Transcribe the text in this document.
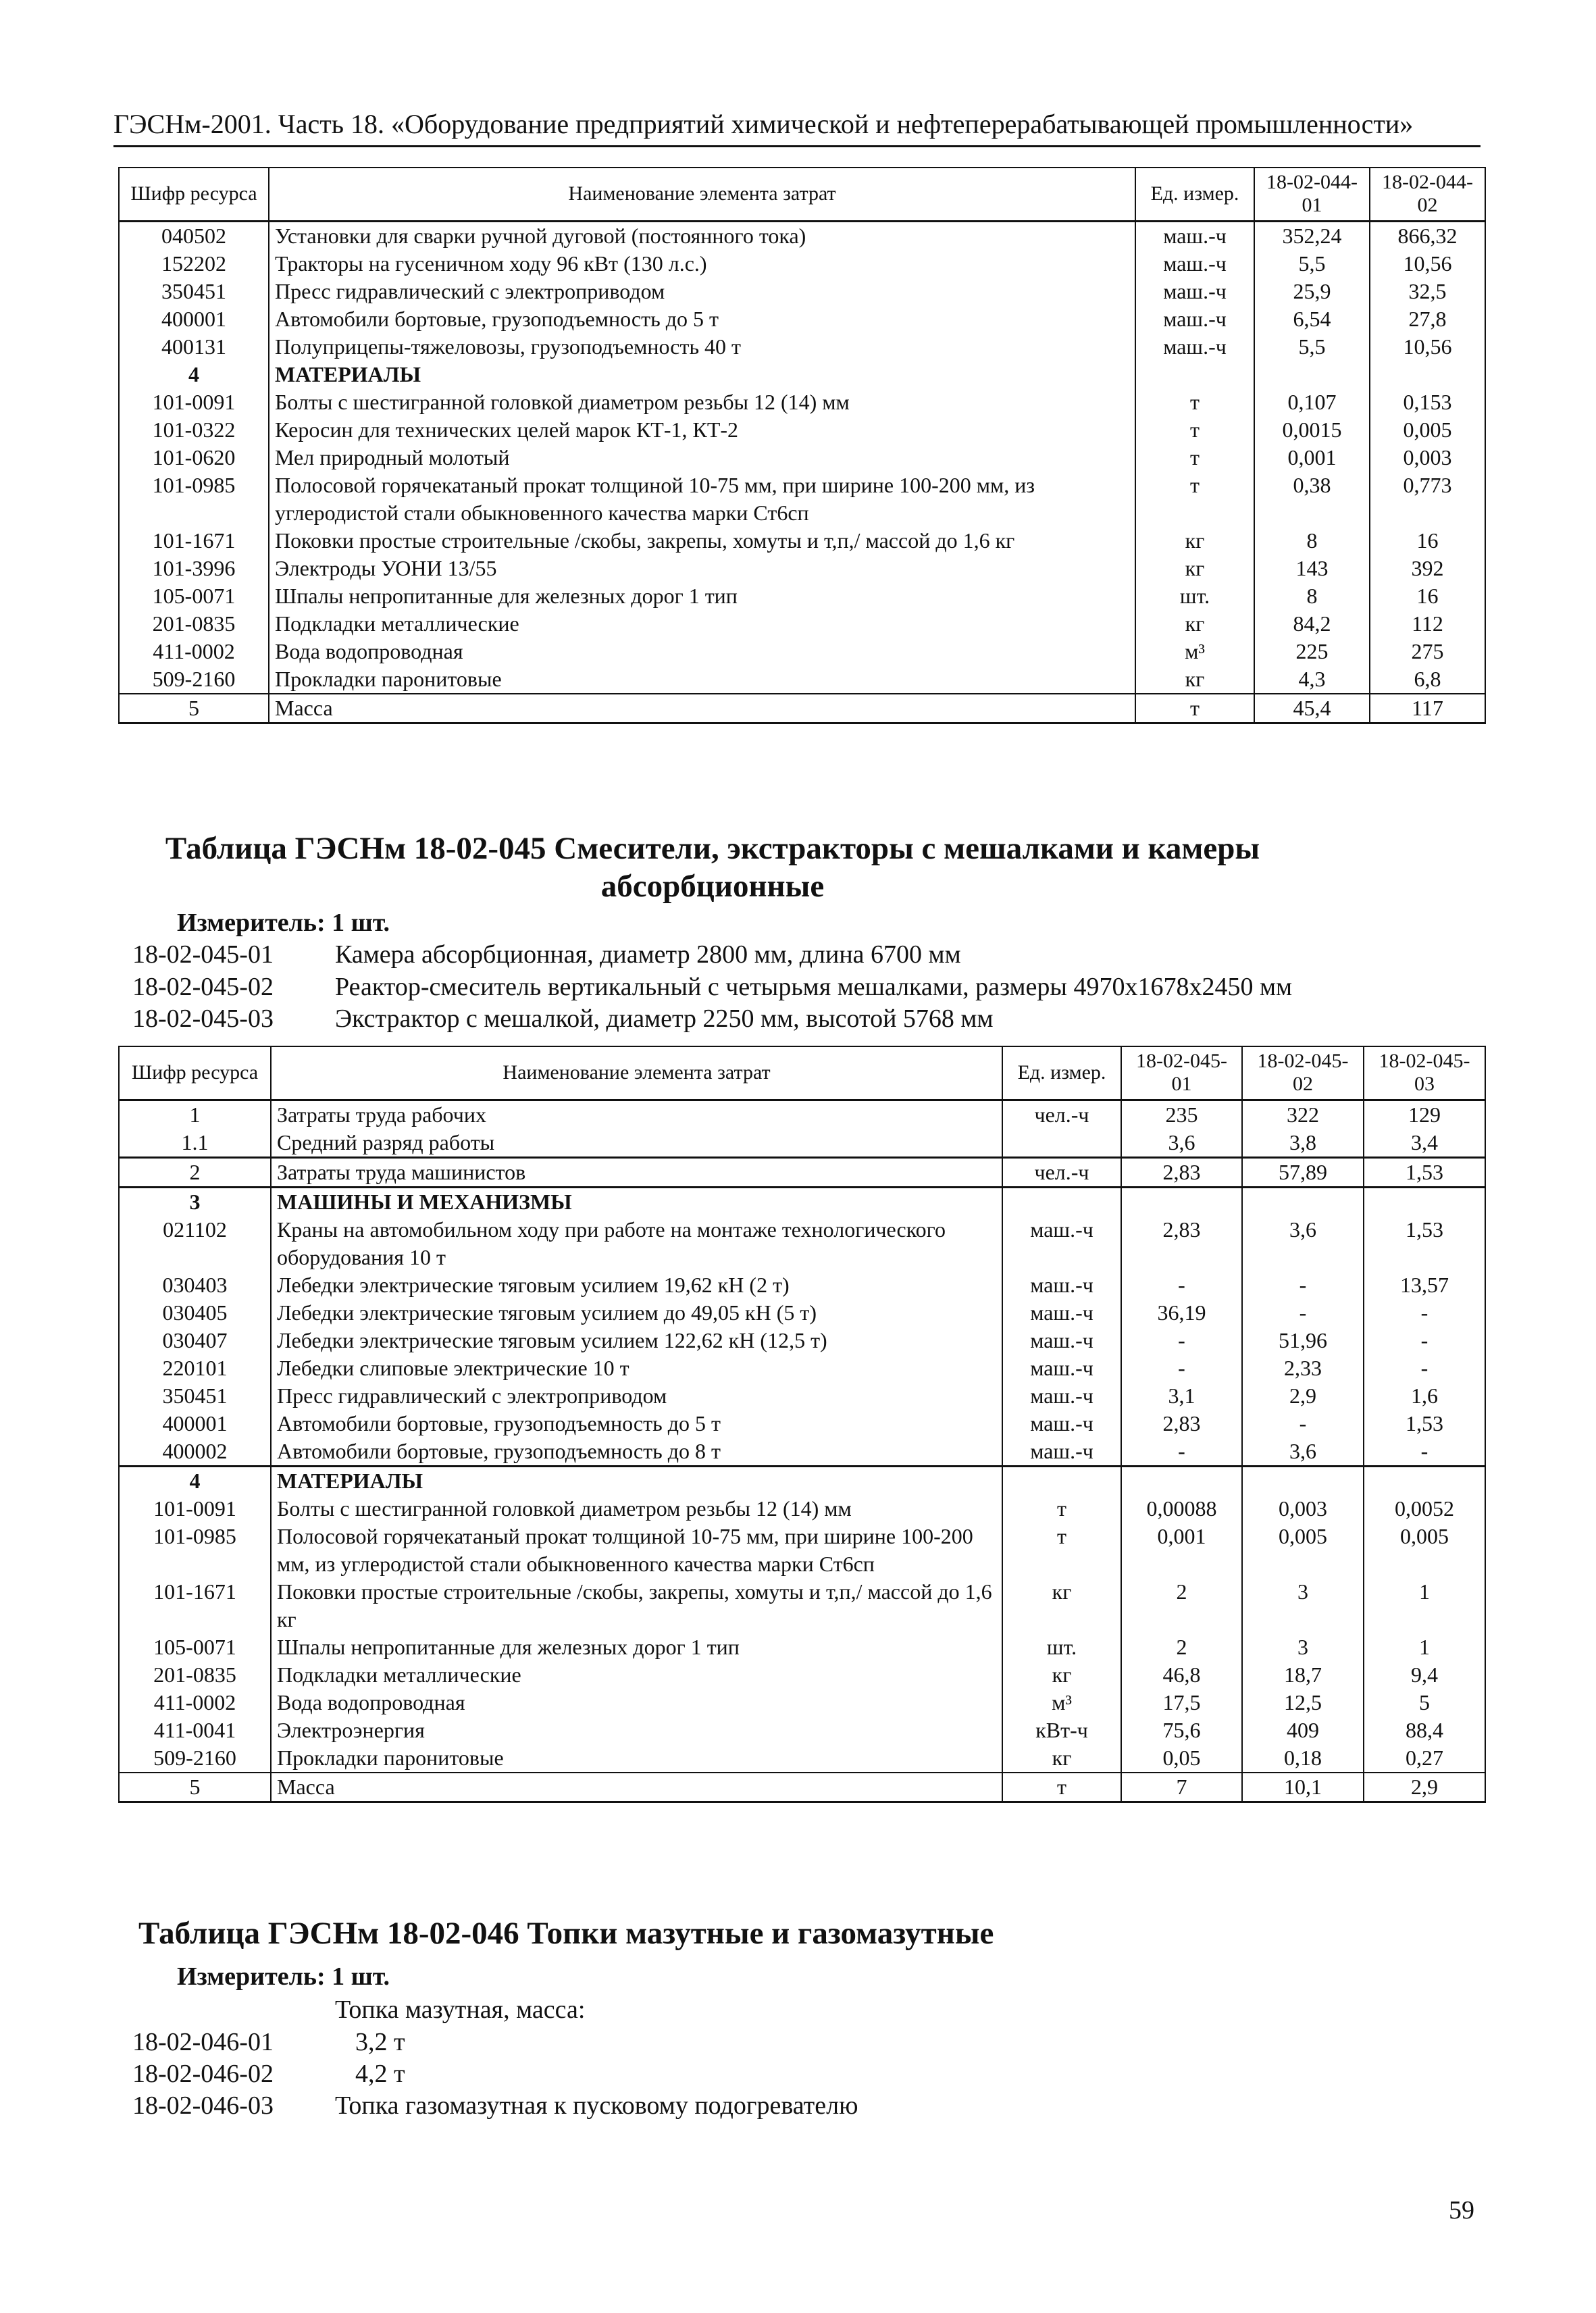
ГЭСНм-2001. Часть 18. «Оборудование предприятий химической и нефтеперерабатывающей промышленности»
Шифр ресурса	Наименование элемента затрат	Ед. измер.	18-02-044-01	18-02-044-02
040502	Установки для сварки ручной дуговой (постоянного тока)	маш.-ч	352,24	866,32
152202	Тракторы на гусеничном ходу 96 кВт (130 л.с.)	маш.-ч	5,5	10,56
350451	Пресс гидравлический с электроприводом	маш.-ч	25,9	32,5
400001	Автомобили бортовые, грузоподъемность до 5 т	маш.-ч	6,54	27,8
400131	Полуприцепы-тяжеловозы, грузоподъемность 40 т	маш.-ч	5,5	10,56
4	МАТЕРИАЛЫ			
101-0091	Болты с шестигранной головкой диаметром резьбы 12 (14) мм	т	0,107	0,153
101-0322	Керосин для технических целей марок КТ-1, КТ-2	т	0,0015	0,005
101-0620	Мел природный молотый	т	0,001	0,003
101-0985	Полосовой горячекатаный прокат толщиной 10-75 мм, при ширине 100-200 мм, из углеродистой стали обыкновенного качества марки Ст6сп	т	0,38	0,773
101-1671	Поковки простые строительные /скобы, закрепы, хомуты и т,п,/ массой до 1,6 кг	кг	8	16
101-3996	Электроды УОНИ 13/55	кг	143	392
105-0071	Шпалы непропитанные для железных дорог 1 тип	шт.	8	16
201-0835	Подкладки металлические	кг	84,2	112
411-0002	Вода водопроводная	м³	225	275
509-2160	Прокладки паронитовые	кг	4,3	6,8
5	Масса	т	45,4	117
Таблица ГЭСНм 18-02-045 Смесители, экстракторы с мешалками и камеры
абсорбционные
Измеритель: 1 шт.
18-02-045-01 Камера абсорбционная, диаметр 2800 мм, длина 6700 мм
18-02-045-02 Реактор-смеситель вертикальный с четырьмя мешалками, размеры 4970x1678x2450 мм
18-02-045-03 Экстрактор с мешалкой, диаметр 2250 мм, высотой 5768 мм
Шифр ресурса	Наименование элемента затрат	Ед. измер.	18-02-045-01	18-02-045-02	18-02-045-03
1	Затраты труда рабочих	чел.-ч	235	322	129
1.1	Средний разряд работы		3,6	3,8	3,4
2	Затраты труда машинистов	чел.-ч	2,83	57,89	1,53
3	МАШИНЫ И МЕХАНИЗМЫ				
021102	Краны на автомобильном ходу при работе на монтаже технологического оборудования 10 т	маш.-ч	2,83	3,6	1,53
030403	Лебедки электрические тяговым усилием 19,62 кН (2 т)	маш.-ч	-	-	13,57
030405	Лебедки электрические тяговым усилием до 49,05 кН (5 т)	маш.-ч	36,19	-	-
030407	Лебедки электрические тяговым усилием 122,62 кН (12,5 т)	маш.-ч	-	51,96	-
220101	Лебедки слиповые электрические 10 т	маш.-ч	-	2,33	-
350451	Пресс гидравлический с электроприводом	маш.-ч	3,1	2,9	1,6
400001	Автомобили бортовые, грузоподъемность до 5 т	маш.-ч	2,83	-	1,53
400002	Автомобили бортовые, грузоподъемность до 8 т	маш.-ч	-	3,6	-
4	МАТЕРИАЛЫ				
101-0091	Болты с шестигранной головкой диаметром резьбы 12 (14) мм	т	0,00088	0,003	0,0052
101-0985	Полосовой горячекатаный прокат толщиной 10-75 мм, при ширине 100-200 мм, из углеродистой стали обыкновенного качества марки Ст6сп	т	0,001	0,005	0,005
101-1671	Поковки простые строительные /скобы, закрепы, хомуты и т,п,/ массой до 1,6 кг	кг	2	3	1
105-0071	Шпалы непропитанные для железных дорог 1 тип	шт.	2	3	1
201-0835	Подкладки металлические	кг	46,8	18,7	9,4
411-0002	Вода водопроводная	м³	17,5	12,5	5
411-0041	Электроэнергия	кВт-ч	75,6	409	88,4
509-2160	Прокладки паронитовые	кг	0,05	0,18	0,27
5	Масса	т	7	10,1	2,9
Таблица ГЭСНм 18-02-046 Топки мазутные и газомазутные
Измеритель: 1 шт.
Топка мазутная, масса:
18-02-046-01	3,2 т
18-02-046-02	4,2 т
18-02-046-03 Топка газомазутная к пусковому подогревателю
59
